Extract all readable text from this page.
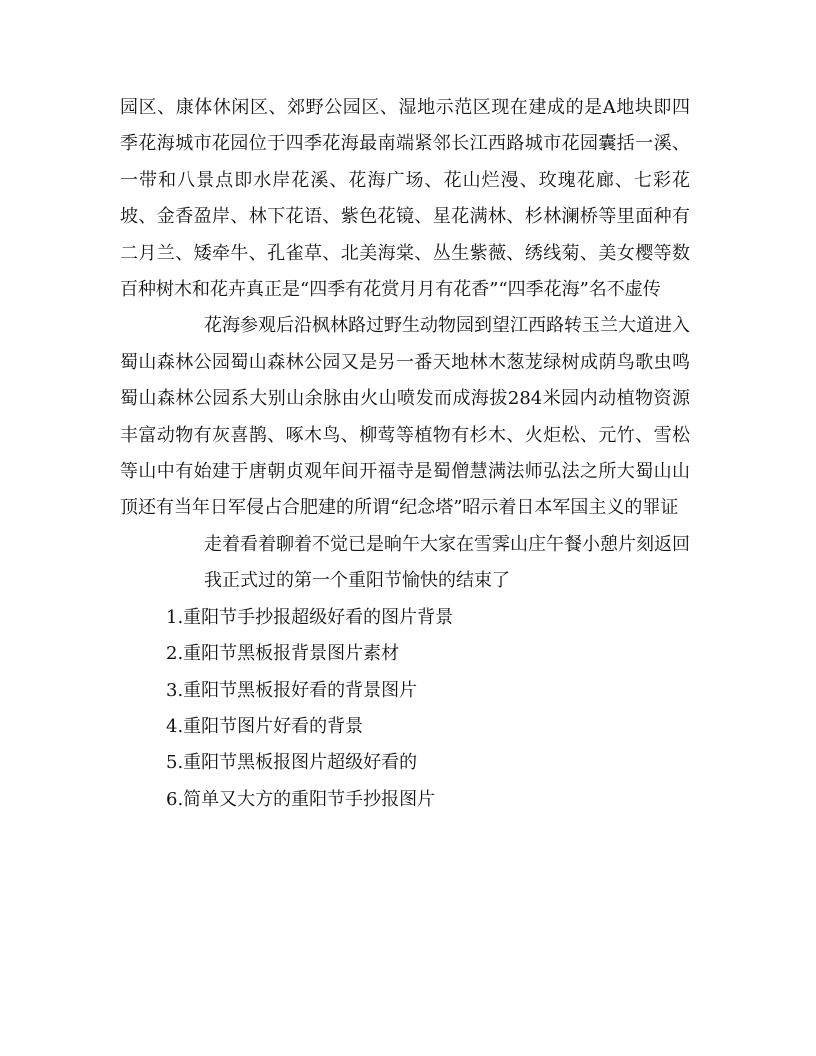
园区、康体休闲区、郊野公园区、湿地示范区现在建成的是A地块即四季花海城市花园位于四季花海最南端紧邻长江西路城市花园囊括一溪、一带和八景点即水岸花溪、花海广场、花山烂漫、玫瑰花廊、七彩花坡、金香盈岸、林下花语、紫色花镜、星花满林、杉林澜桥等里面种有二月兰、矮牵牛、孔雀草、北美海棠、丛生紫薇、绣线菊、美女樱等数百种树木和花卉真正是“四季有花赏月月有花香”“四季花海”名不虚传

花海参观后沿枫林路过野生动物园到望江西路转玉兰大道进入蜀山森林公园蜀山森林公园又是另一番天地林木葱茏绿树成荫鸟歌虫鸣蜀山森林公园系大别山余脉由火山喷发而成海拔284米园内动植物资源丰富动物有灰喜鹊、啄木鸟、柳莺等植物有杉木、火炬松、元竹、雪松等山中有始建于唐朝贞观年间开福寺是蜀僧慧满法师弘法之所大蜀山山顶还有当年日军侵占合肥建的所谓“纪念塔”昭示着日本军国主义的罪证

走着看着聊着不觉已是晌午大家在雪霁山庄午餐小憩片刻返回

我正式过的第一个重阳节愉快的结束了

1.重阳节手抄报超级好看的图片背景
2.重阳节黑板报背景图片素材
3.重阳节黑板报好看的背景图片
4.重阳节图片好看的背景
5.重阳节黑板报图片超级好看的
6.简单又大方的重阳节手抄报图片
